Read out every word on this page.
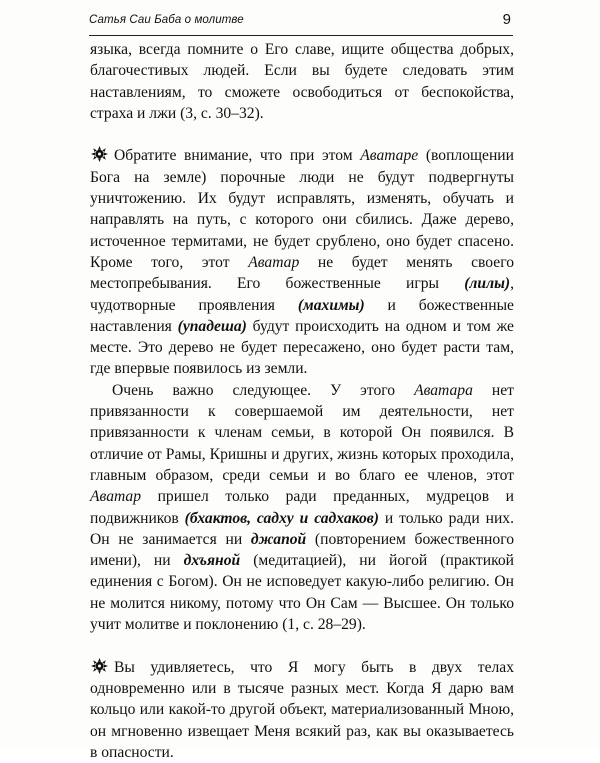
Сатья Саи Баба о молитве	9

языка, всегда помните о Его славе, ищите общества добрых, благочестивых людей. Если вы будете следовать этим наставлениям, то сможете освободиться от беспокойства, страха и лжи (3, с. 30–32).

Обратите внимание, что при этом Аватаре (воплощении Бога на земле) порочные люди не будут подвергнуты уничтожению. Их будут исправлять, изменять, обучать и направлять на путь, с которого они сбились. Даже дерево, источенное термитами, не будет срублено, оно будет спасено. Кроме того, этот Аватар не будет менять своего местопребывания. Его божественные игры (лилы), чудотворные проявления (махимы) и божественные наставления (упадеша) будут происходить на одном и том же месте. Это дерево не будет пересажено, оно будет расти там, где впервые появилось из земли.

Очень важно следующее. У этого Аватара нет привязанности к совершаемой им деятельности, нет привязанности к членам семьи, в которой Он появился. В отличие от Рамы, Кришны и других, жизнь которых проходила, главным образом, среди семьи и во благо ее членов, этот Аватар пришел только ради преданных, мудрецов и подвижников (бхактов, садху и садхаков) и только ради них. Он не занимается ни джапой (повторением божественного имени), ни дхъяной (медитацией), ни йогой (практикой единения с Богом). Он не исповедует какую-либо религию. Он не молится никому, потому что Он Сам — Высшее. Он только учит молитве и поклонению (1, с. 28–29).

Вы удивляетесь, что Я могу быть в двух телах одновременно или в тысяче разных мест. Когда Я дарю вам кольцо или какой-то другой объект, материализованный Мною, он мгновенно извещает Меня всякий раз, как вы оказываетесь в опасности.
